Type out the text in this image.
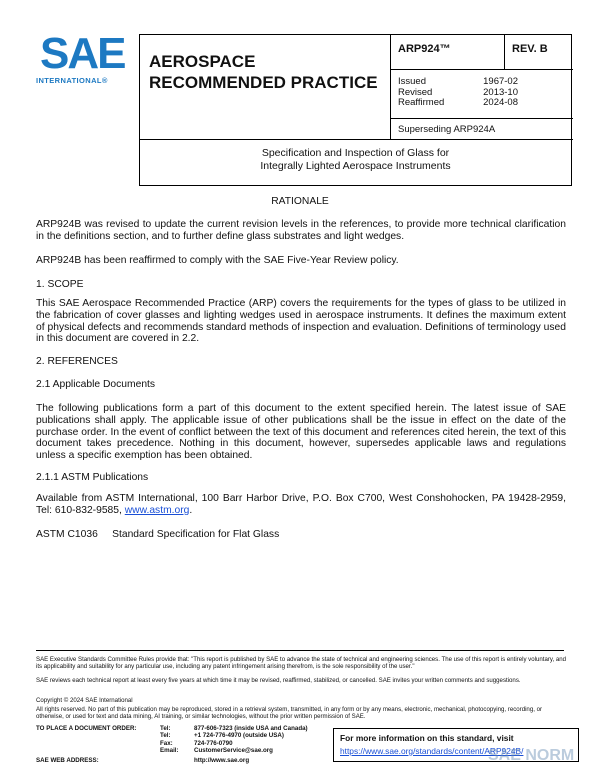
SAE
INTERNATIONAL®
AEROSPACE
RECOMMENDED PRACTICE
ARP924™	REV. B
Issued	1967-02
Revised	2013-10
Reaffirmed	2024-08
Superseding ARP924A
Specification and Inspection of Glass for
Integrally Lighted Aerospace Instruments
RATIONALE
ARP924B was revised to update the current revision levels in the references, to provide more technical clarification in the definitions section, and to further define glass substrates and light wedges.
ARP924B has been reaffirmed to comply with the SAE Five-Year Review policy.
1. SCOPE
This SAE Aerospace Recommended Practice (ARP) covers the requirements for the types of glass to be utilized in the fabrication of cover glasses and lighting wedges used in aerospace instruments. It defines the maximum extent of physical defects and recommends standard methods of inspection and evaluation. Definitions of terminology used in this document are covered in 2.2.
2. REFERENCES
2.1 Applicable Documents
The following publications form a part of this document to the extent specified herein. The latest issue of SAE publications shall apply. The applicable issue of other publications shall be the issue in effect on the date of the purchase order. In the event of conflict between the text of this document and references cited herein, the text of this document takes precedence. Nothing in this document, however, supersedes applicable laws and regulations unless a specific exemption has been obtained.
2.1.1 ASTM Publications
Available from ASTM International, 100 Barr Harbor Drive, P.O. Box C700, West Conshohocken, PA 19428-2959, Tel: 610-832-9585, www.astm.org.
ASTM C1036     Standard Specification for Flat Glass
SAE Executive Standards Committee Rules provide that: "This report is published by SAE to advance the state of technical and engineering sciences. The use of this report is entirely voluntary, and its applicability and suitability for any particular use, including any patent infringement arising therefrom, is the sole responsibility of the user."
SAE reviews each technical report at least every five years at which time it may be revised, reaffirmed, stabilized, or cancelled. SAE invites your written comments and suggestions.
Copyright © 2024 SAE International
All rights reserved. No part of this publication may be reproduced, stored in a retrieval system, transmitted, in any form or by any means, electronic, mechanical, photocopying, recording, or otherwise, or used for text and data mining, AI training, or similar technologies, without the prior written permission of SAE.
TO PLACE A DOCUMENT ORDER:	Tel:	877-606-7323 (inside USA and Canada)
Tel:	+1 724-776-4970 (outside USA)
Fax:	724-776-0790
Email:	CustomerService@sae.org
SAE WEB ADDRESS:	http://www.sae.org
For more information on this standard, visit
https://www.sae.org/standards/content/ARP924B/
SAE NORM
